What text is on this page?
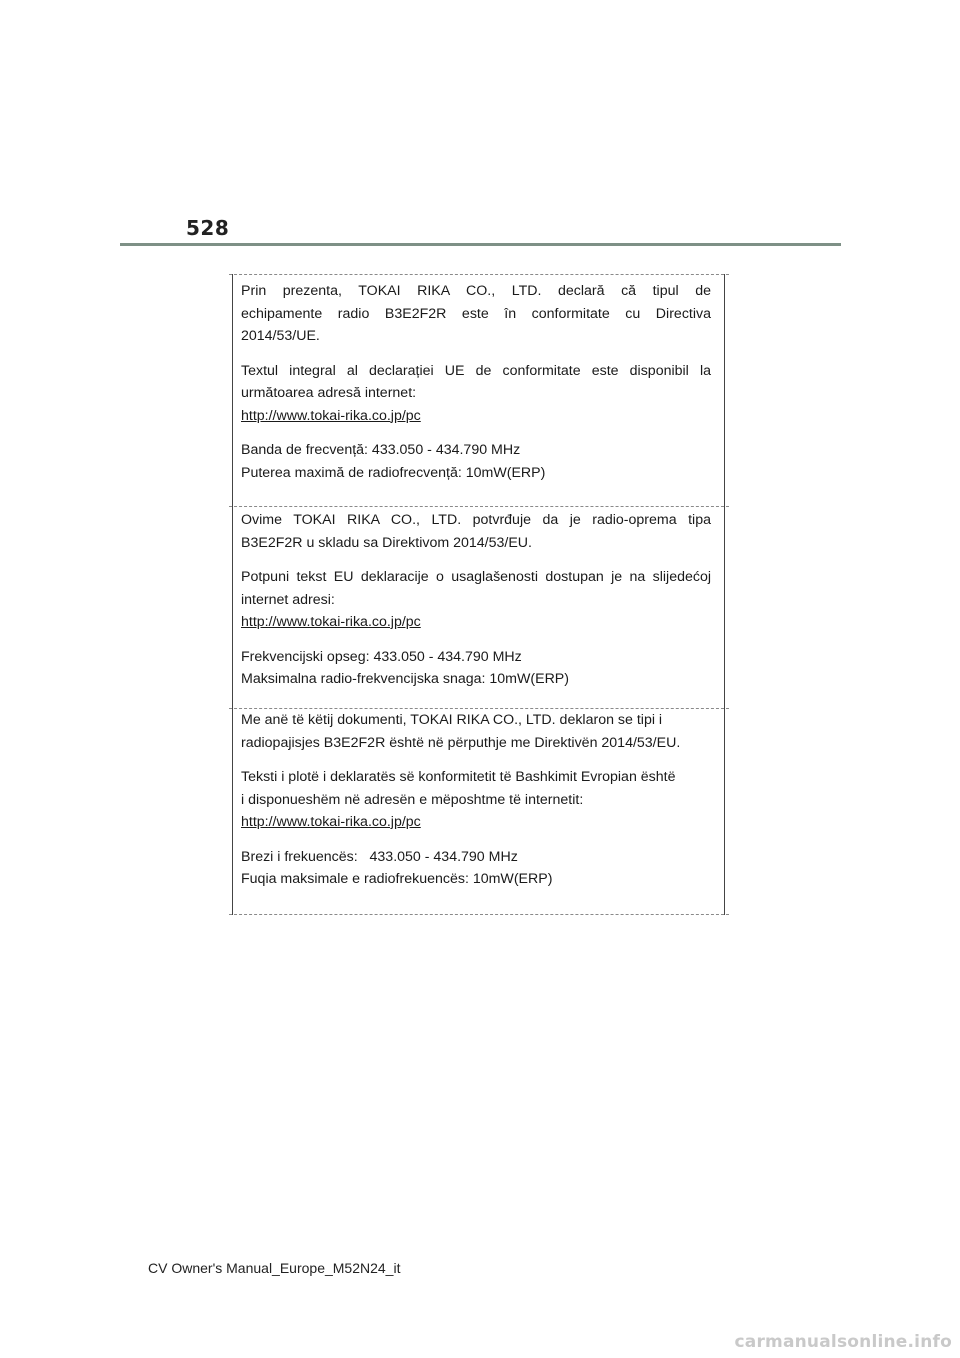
528

Prin prezenta, TOKAI RIKA CO., LTD. declară că tipul de

echipamente radio B3E2F2R este în conformitate cu Directiva

2014/53/UE.

Textul integral al declarației UE de conformitate este disponibil la

următoarea adresă internet:

http://www.tokai-rika.co.jp/pc

Banda de frecvență: 433.050 - 434.790 MHz

Puterea maximă de radiofrecvență: 10mW(ERP)

Ovime TOKAI RIKA CO., LTD. potvrđuje da je radio-oprema tipa

B3E2F2R u skladu sa Direktivom 2014/53/EU.

Potpuni tekst EU deklaracije o usaglašenosti dostupan je na slijedećoj

internet adresi:

http://www.tokai-rika.co.jp/pc

Frekvencijski opseg: 433.050 - 434.790 MHz

Maksimalna radio-frekvencijska snaga: 10mW(ERP)

Me anë të këtij dokumenti, TOKAI RIKA CO., LTD. deklaron se tipi i

radiopajisjes B3E2F2R është në përputhje me Direktivën 2014/53/EU.

Teksti i plotë i deklaratës së konformitetit të Bashkimit Evropian është

i disponueshëm në adresën e mëposhtme të internetit:

http://www.tokai-rika.co.jp/pc

Brezi i frekuencës:   433.050 - 434.790 MHz

Fuqia maksimale e radiofrekuencës: 10mW(ERP)

CV Owner's Manual_Europe_M52N24_it
carmanualsonline.info
